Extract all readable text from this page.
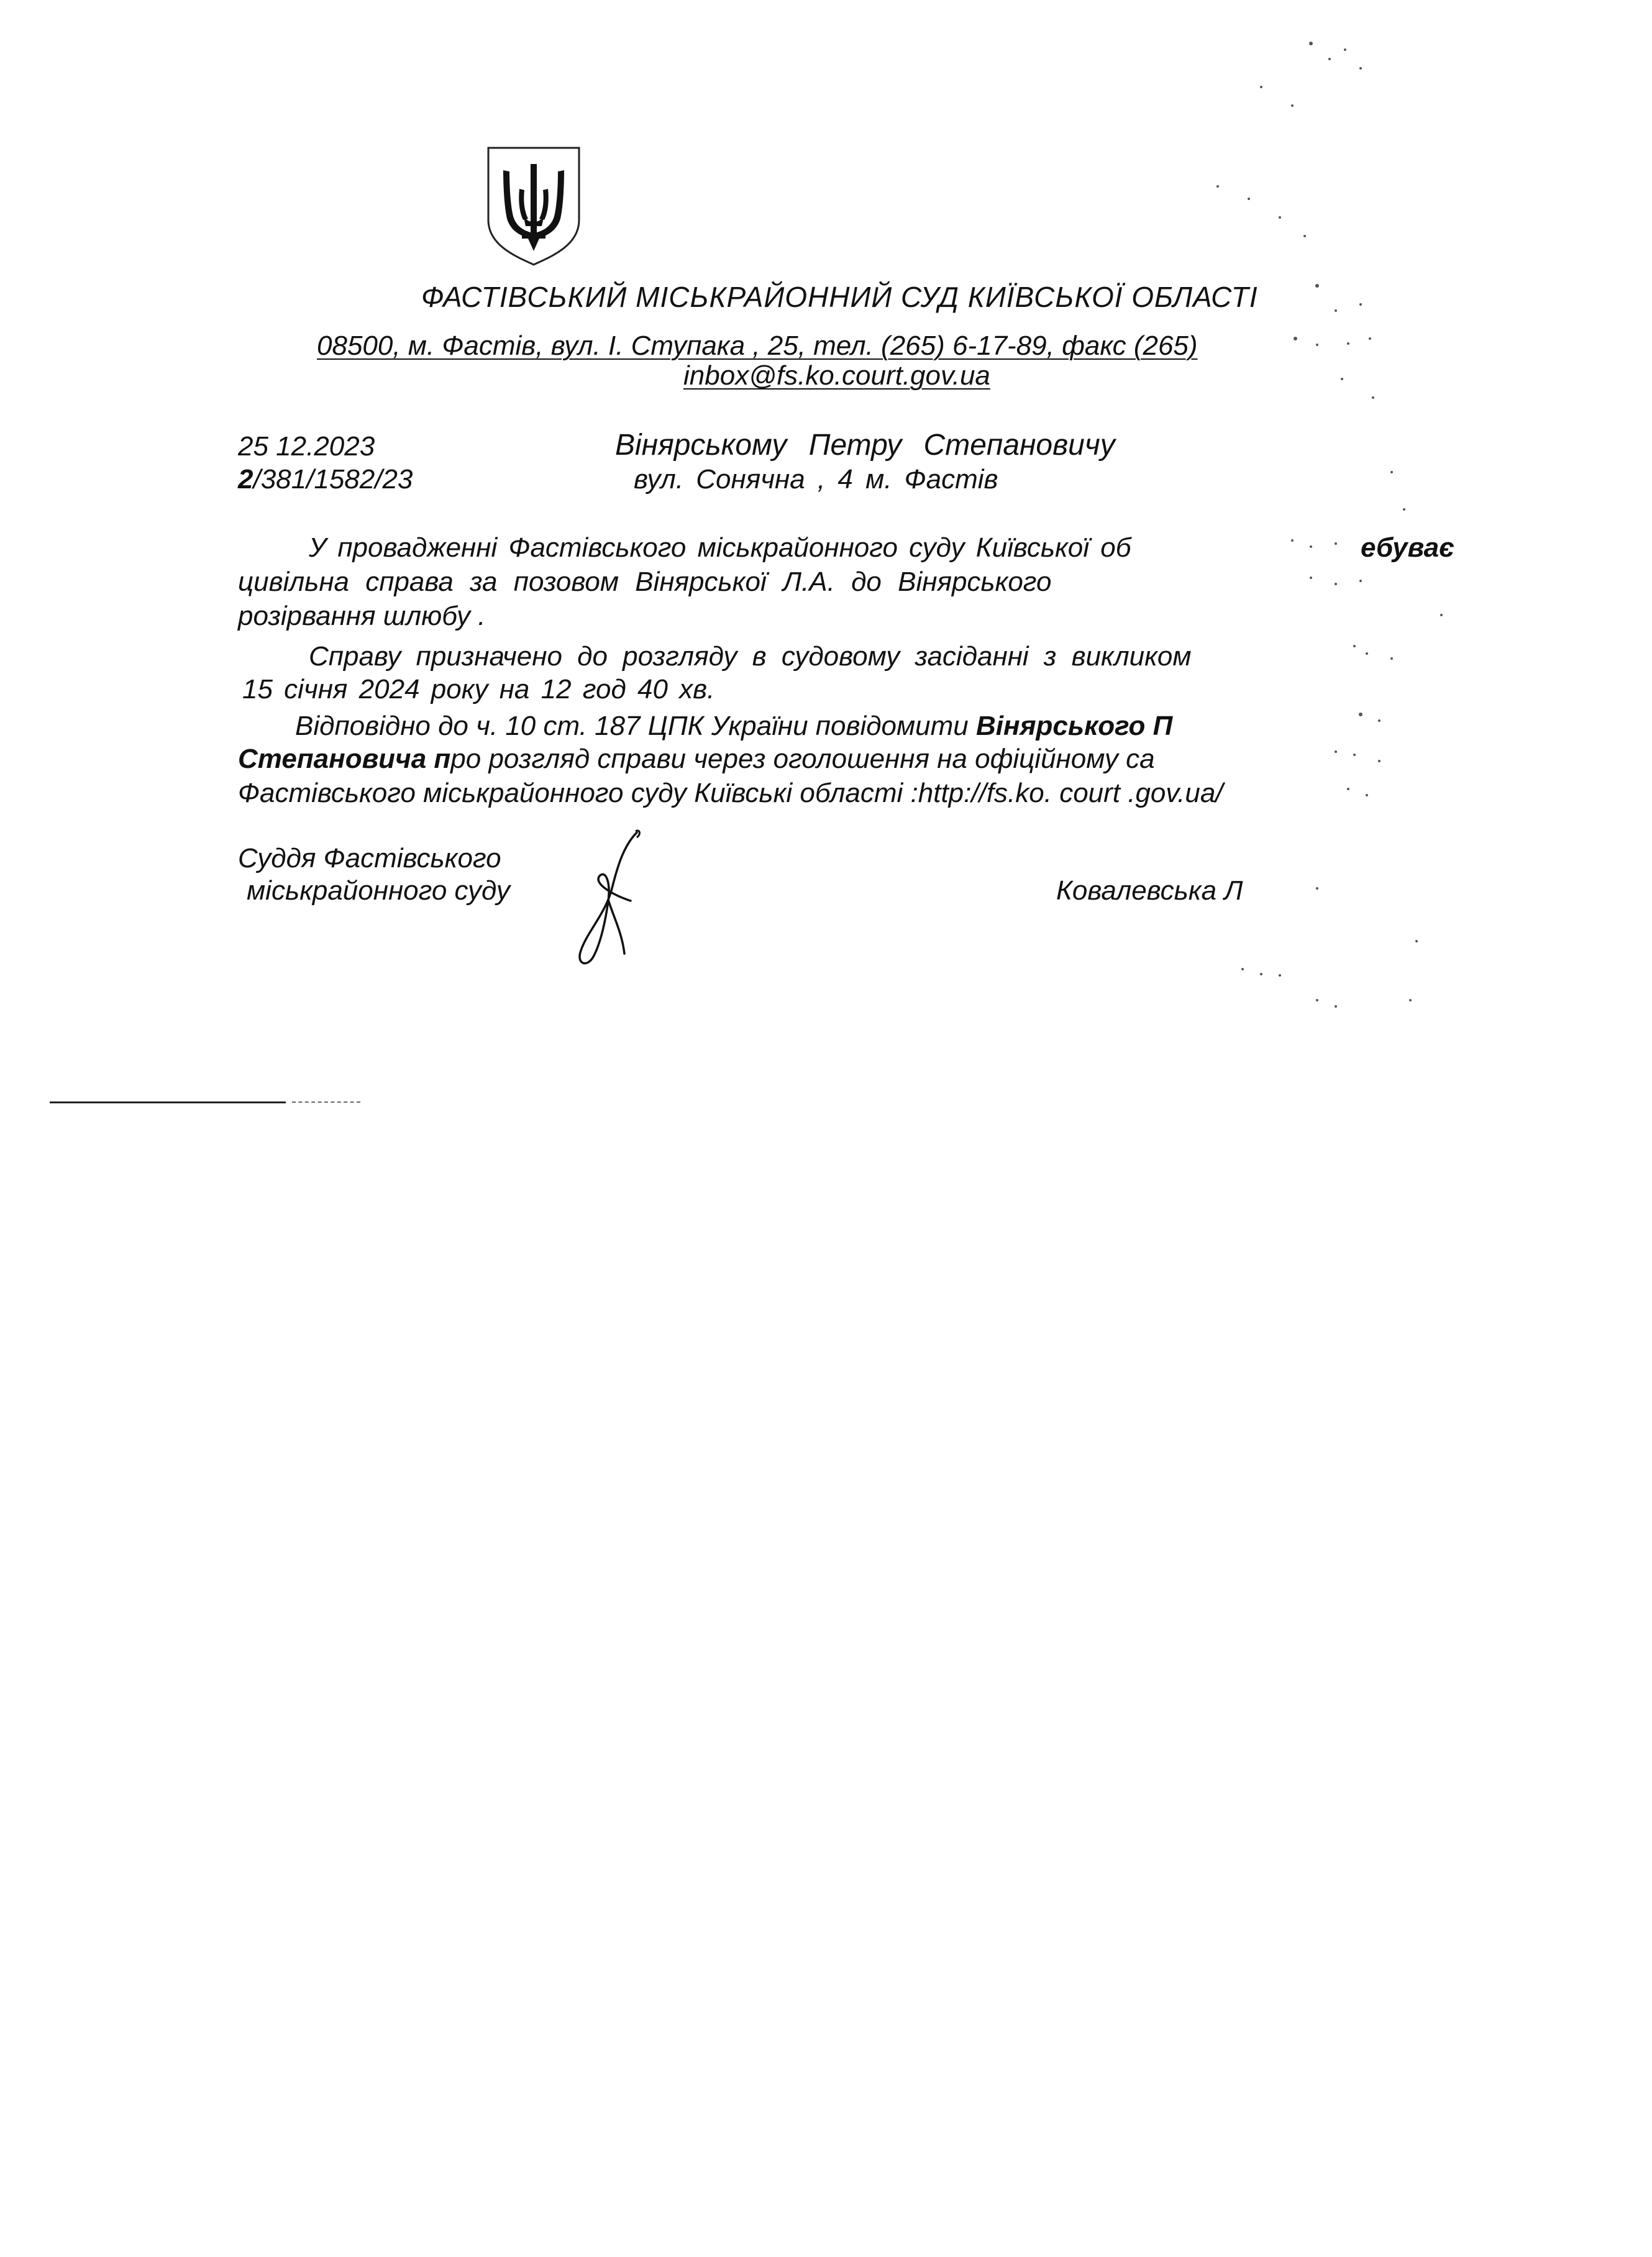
ФАСТІВСЬКИЙ МІСЬКРАЙОННИЙ СУД КИЇВСЬКОЇ ОБЛАСТІ
08500, м. Фастів, вул. І. Ступака , 25, тел. (265) 6-17-89, факс (265)
inbox@fs.ko.court.gov.ua
25 12.2023
2/381/1582/23
Вінярському Петру Степановичу
вул. Сонячна , 4 м. Фастів
У провадженні Фастівського міськрайонного суду Київської об	ебуває
цивільна справа за позовом Вінярської Л.А. до Вінярського
розірвання шлюбу .
Справу призначено до розгляду в судовому засіданні з викликом
15 січня 2024 року на 12 год 40 хв.
Відповідно до ч. 10 ст. 187 ЦПК України повідомити Вінярського П
Степановича про розгляд справи через оголошення на офіційному са
Фастівського міськрайонного суду Київські області :http://fs.ko. court .gov.ua/
Суддя Фастівського
міськрайонного суду	Ковалевська Л
